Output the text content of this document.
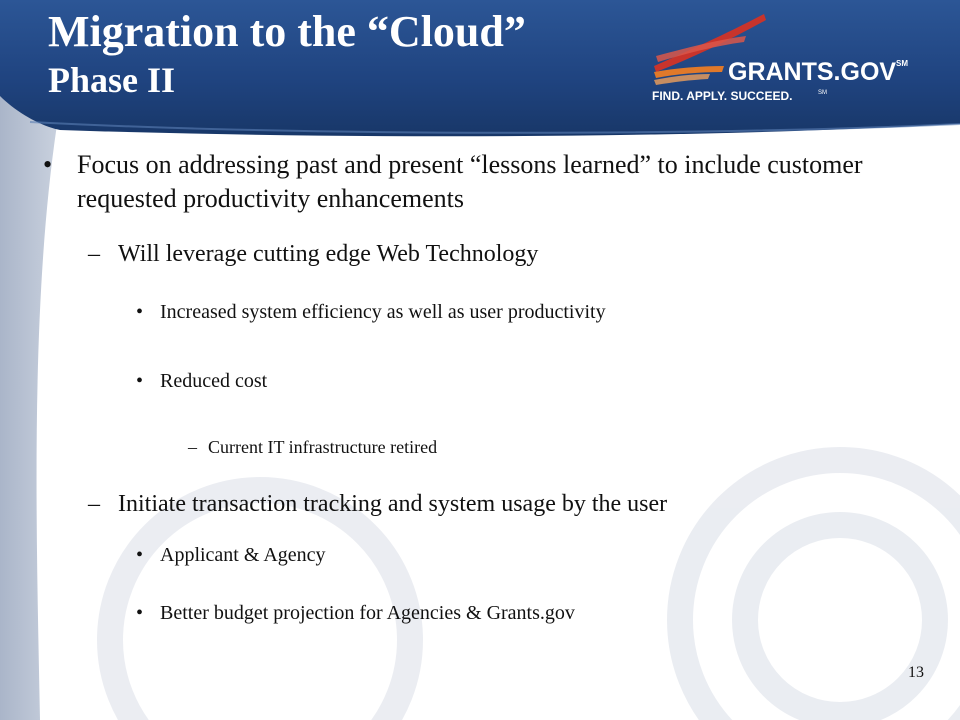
Migration to the “Cloud”
Phase II	GRANTS.GOV SM
FIND. APPLY. SUCCEED.	SM
• Focus on addressing past and present “lessons learned” to include customer requested productivity enhancements
– Will leverage cutting edge Web Technology
• Increased system efficiency as well as user productivity
• Reduced cost
– Current IT infrastructure retired
– Initiate transaction tracking and system usage by the user
• Applicant & Agency
• Better budget projection for Agencies & Grants.gov
13
